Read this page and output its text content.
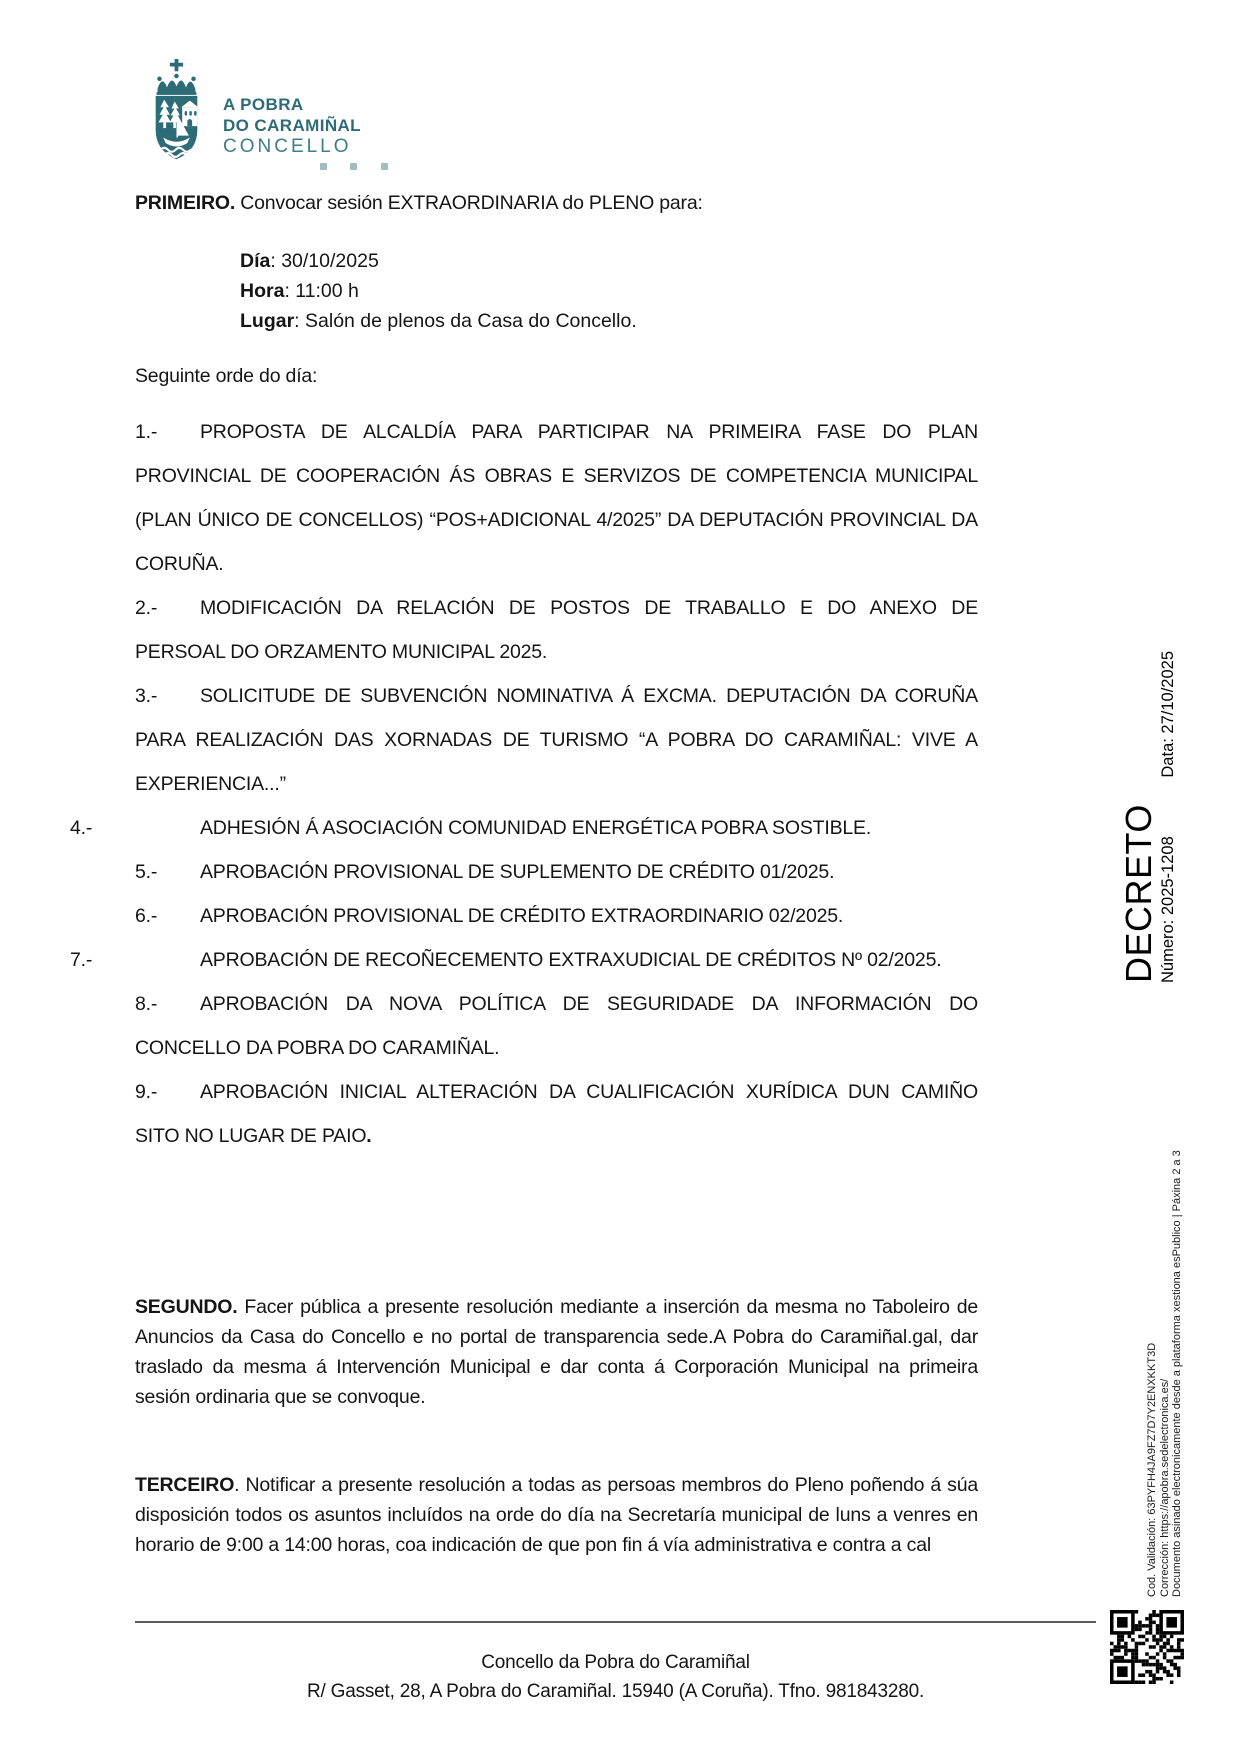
A POBRA
DO CARAMIÑAL
CONCELLO

PRIMEIRO. Convocar sesión EXTRAORDINARIA do PLENO para:

Día: 30/10/2025
Hora: 11:00 h
Lugar: Salón de plenos da Casa do Concello.

Seguinte orde do día:

1.- PROPOSTA DE ALCALDÍA PARA PARTICIPAR NA PRIMEIRA FASE DO PLAN PROVINCIAL DE COOPERACIÓN ÁS OBRAS E SERVIZOS DE COMPETENCIA MUNICIPAL (PLAN ÚNICO DE CONCELLOS) “POS+ADICIONAL 4/2025” DA DEPUTACIÓN PROVINCIAL DA CORUÑA.

2.- MODIFICACIÓN DA RELACIÓN DE POSTOS DE TRABALLO E DO ANEXO DE PERSOAL DO ORZAMENTO MUNICIPAL 2025.

3.- SOLICITUDE DE SUBVENCIÓN NOMINATIVA Á EXCMA. DEPUTACIÓN DA CORUÑA PARA REALIZACIÓN DAS XORNADAS DE TURISMO “A POBRA DO CARAMIÑAL: VIVE A EXPERIENCIA...”

4.-	ADHESIÓN Á ASOCIACIÓN COMUNIDAD ENERGÉTICA POBRA SOSTIBLE.

5.- APROBACIÓN PROVISIONAL DE SUPLEMENTO DE CRÉDITO 01/2025.

6.- APROBACIÓN PROVISIONAL DE CRÉDITO EXTRAORDINARIO 02/2025.

7.-	APROBACIÓN DE RECOÑECEMENTO EXTRAXUDICIAL DE CRÉDITOS Nº 02/2025.

8.- APROBACIÓN DA NOVA POLÍTICA DE SEGURIDADE DA INFORMACIÓN DO CONCELLO DA POBRA DO CARAMIÑAL.

9.- APROBACIÓN INICIAL ALTERACIÓN DA CUALIFICACIÓN XURÍDICA DUN CAMIÑO SITO NO LUGAR DE PAIO.

SEGUNDO. Facer pública a presente resolución mediante a inserción da mesma no Taboleiro de Anuncios da Casa do Concello e no portal de transparencia sede.A Pobra do Caramiñal.gal, dar traslado da mesma á Intervención Municipal e dar conta á Corporación Municipal na primeira sesión ordinaria que se convoque.

TERCEIRO. Notificar a presente resolución a todas as persoas membros do Pleno poñendo á súa disposición todos os asuntos incluídos na orde do día na Secretaría municipal de luns a venres en horario de 9:00 a 14:00 horas, coa indicación de que pon fin á vía administrativa e contra a cal

DECRETO Número: 2025-1208
Data: 27/10/2025
Cod. Validación: 63PYFH4JA9FZ7D7Y2ENXKKT3D Corrección: https://apobra.sedelectronica.es/ Documento asinado electronicamente desde a plataforma xestiona esPublico | Páxina 2 a 3
Concello da Pobra do Caramiñal
R/ Gasset, 28, A Pobra do Caramiñal. 15940 (A Coruña). Tfno. 981843280.
